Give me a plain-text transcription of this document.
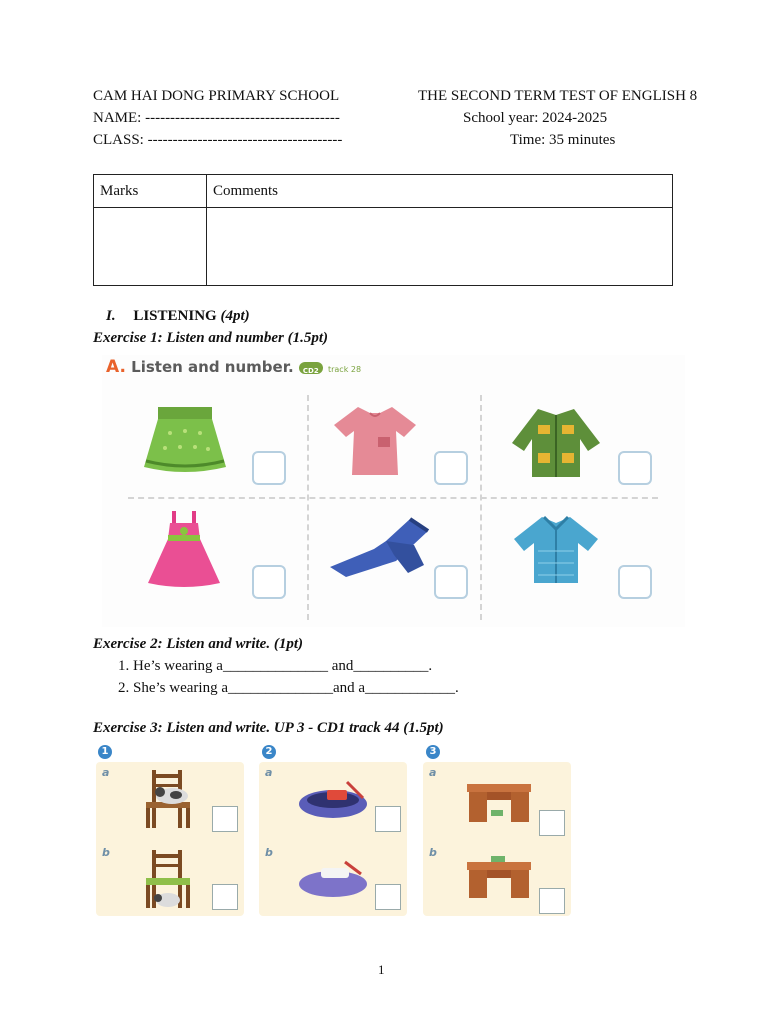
CAM HAI DONG PRIMARY SCHOOL	THE SECOND TERM TEST OF ENGLISH 8
NAME: ---------------------------------------	School year: 2024-2025
CLASS: ---------------------------------------	Time: 35 minutes
Marks	Comments

I. LISTENING (4pt)
Exercise 1: Listen and number (1.5pt)
A. Listen and number. CD2 track 28
Exercise 2: Listen and write. (1pt)
1. He’s wearing a______________ and__________.
2. She’s wearing a______________and a____________.
Exercise 3: Listen and write. UP 3 - CD1 track 44 (1.5pt)
1
a
b
2
a
b
3
a
b
1
